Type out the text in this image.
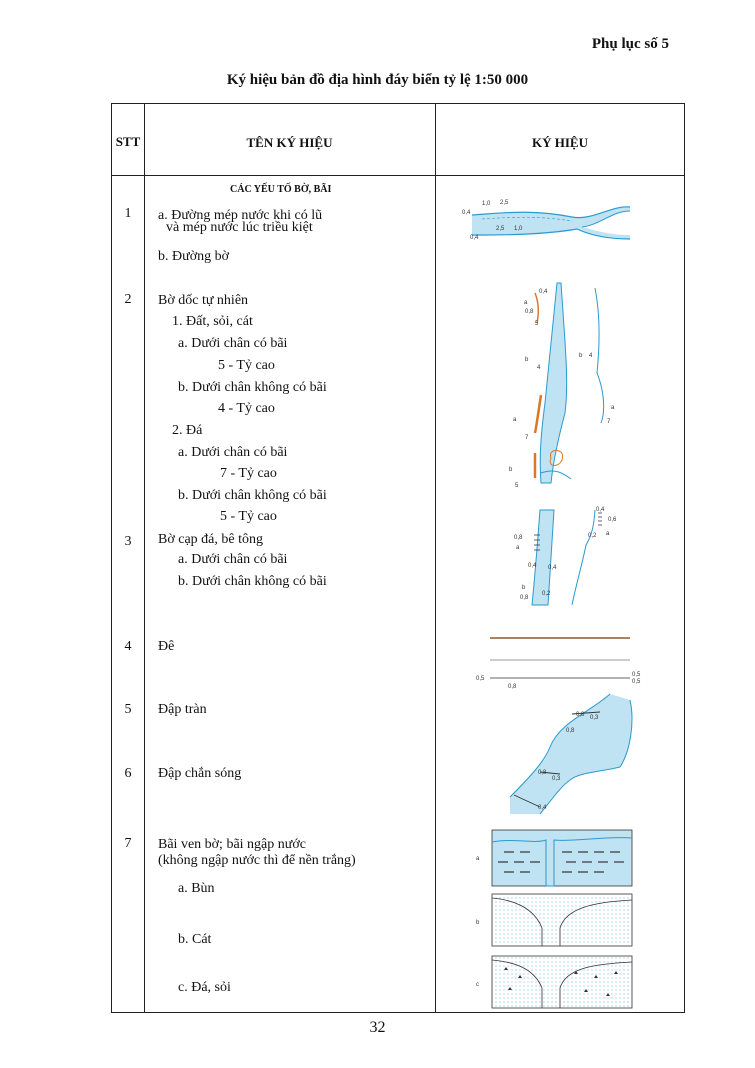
Phụ lục số 5
Ký hiệu bản đồ địa hình đáy biển tỷ lệ 1:50 000
STT	TÊN KÝ HIỆU	KÝ HIỆU
CÁC YẾU TỐ BỜ, BÃI
1	a. Đường mép nước khi có lũ
và mép nước lúc triều kiệt
b. Đường bờ
2	Bờ dốc tự nhiên
1. Đất, sỏi, cát
a. Dưới chân có bãi
5 - Tỷ cao
b. Dưới chân không có bãi
4 - Tỷ cao
2. Đá
a. Dưới chân có bãi
7 - Tỷ cao
b. Dưới chân không có bãi
5 - Tỷ cao
3	Bờ cạp đá, bê tông
a. Dưới chân có bãi
b. Dưới chân không có bãi
4	Đê
5	Đập tràn
6	Đập chắn sóng
7	Bãi ven bờ; bãi ngập nước
(không ngập nước thì để nền trắng)
a. Bùn
b. Cát
c. Đá, sỏi
0,4
1,0 2,5
2,5 1,0
0,4
a
0,4
0,8
5
b
4
b 4
a
7
a
7
b
5
0,4
0,6
0,8	0,2
a
a
0,4 0,4
b
0,8
0,2
0,5
0,8
0,5
0,5
0,8 0,3
0,8
0,8
0,3
0,4
a
b
c
32
